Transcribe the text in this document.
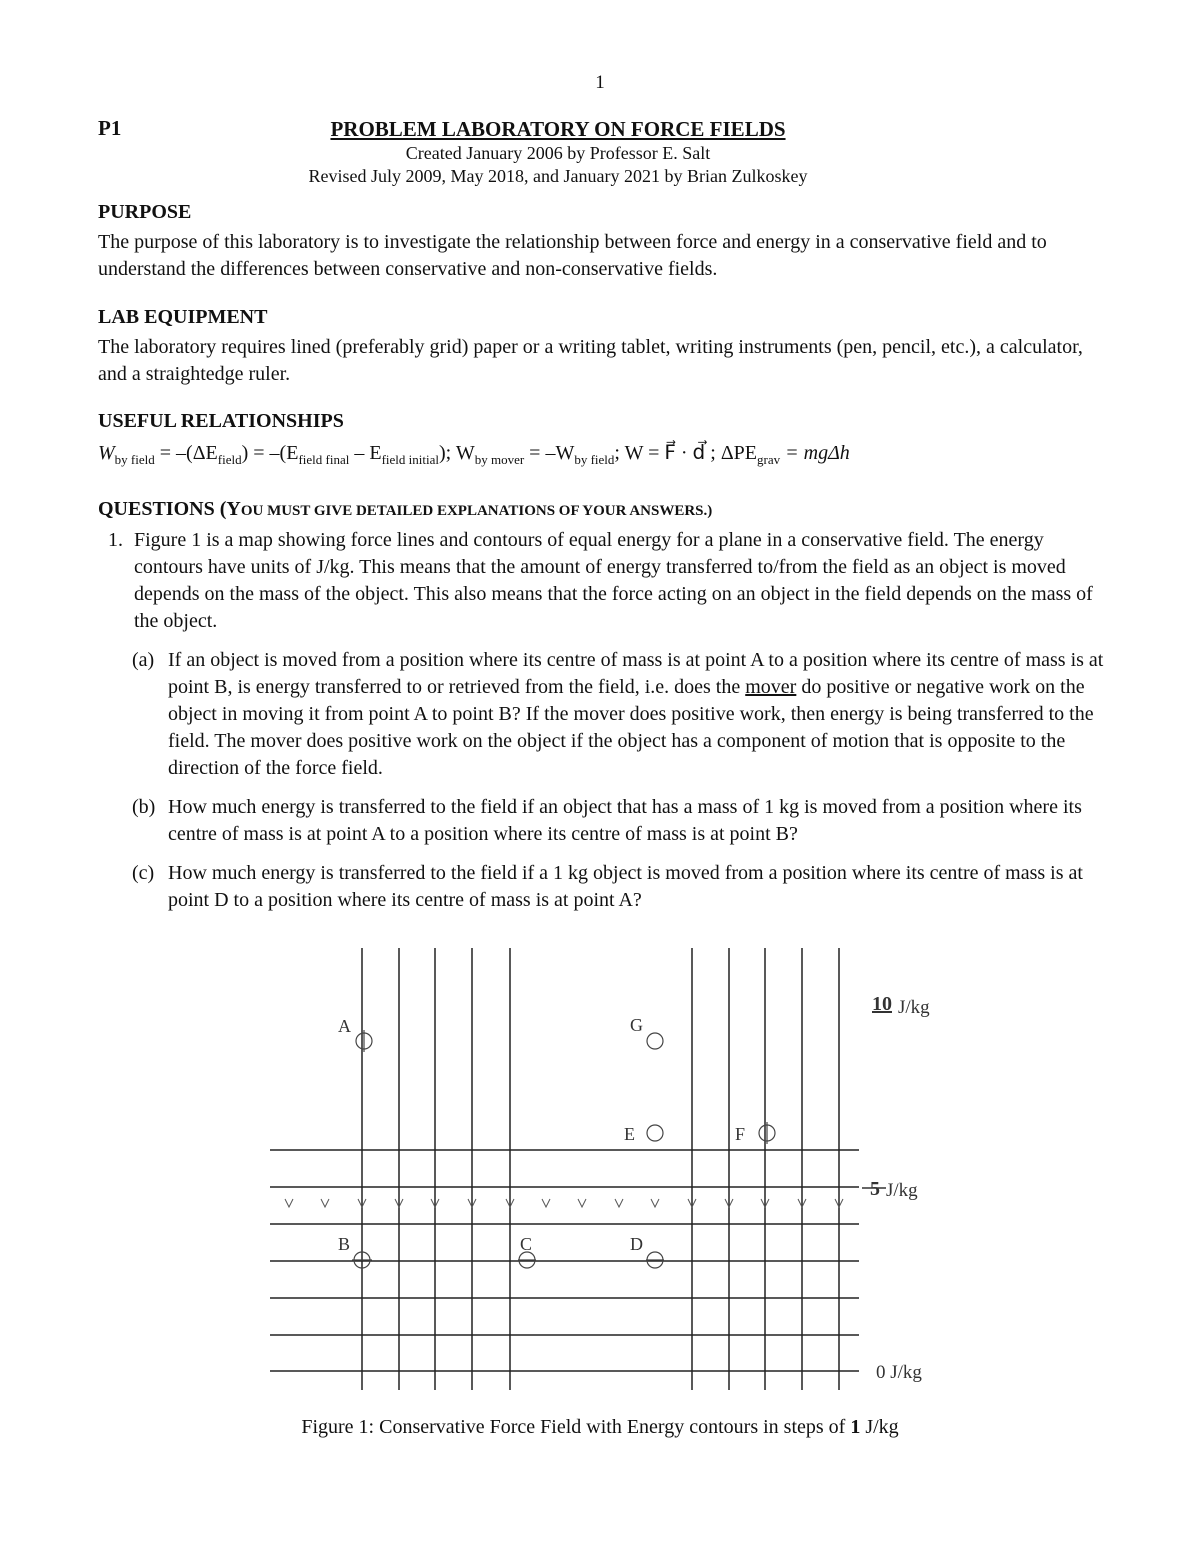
1
P1	PROBLEM LABORATORY ON FORCE FIELDS
Created January 2006 by Professor E. Salt
Revised July 2009, May 2018, and January 2021 by Brian Zulkoskey
PURPOSE

The purpose of this laboratory is to investigate the relationship between force and energy in a conservative field and to understand the differences between conservative and non-conservative fields.

LAB EQUIPMENT

The laboratory requires lined (preferably grid) paper or a writing tablet, writing instruments (pen, pencil, etc.), a calculator, and a straightedge ruler.

USEFUL RELATIONSHIPS
$W_{by field} = -(\Delta E_{field}) = -(E_{field final} - E_{field initial})$; $W_{by mover} = -W_{by field}$; W = F⃗ · d⃗ ; $\Delta PE_{grav} = mg\Delta h$
QUESTIONS (YOU MUST GIVE DETAILED EXPLANATIONS OF YOUR ANSWERS.)
1. Figure 1 is a map showing force lines and contours of equal energy for a plane in a conservative field. The energy contours have units of J/kg. This means that the amount of energy transferred to/from the field as an object is moved depends on the mass of the object. This also means that the force acting on an object in the field depends on the mass of the object.
(a) If an object is moved from a position where its centre of mass is at point A to a position where its centre of mass is at point B, is energy transferred to or retrieved from the field, i.e. does the mover do positive or negative work on the object in moving it from point A to point B? If the mover does positive work, then energy is being transferred to the field. The mover does positive work on the object if the object has a component of motion that is opposite to the direction of the force field.
(b) How much energy is transferred to the field if an object that has a mass of 1 kg is moved from a position where its centre of mass is at point A to a position where its centre of mass is at point B?
(c) How much energy is transferred to the field if a 1 kg object is moved from a position where its centre of mass is at point D to a position where its centre of mass is at point A?
A	G
E	F
B	C	D
10 J/kg
5 J/kg
0 J/kg
Figure 1: Conservative Force Field with Energy contours in steps of 1 J/kg
